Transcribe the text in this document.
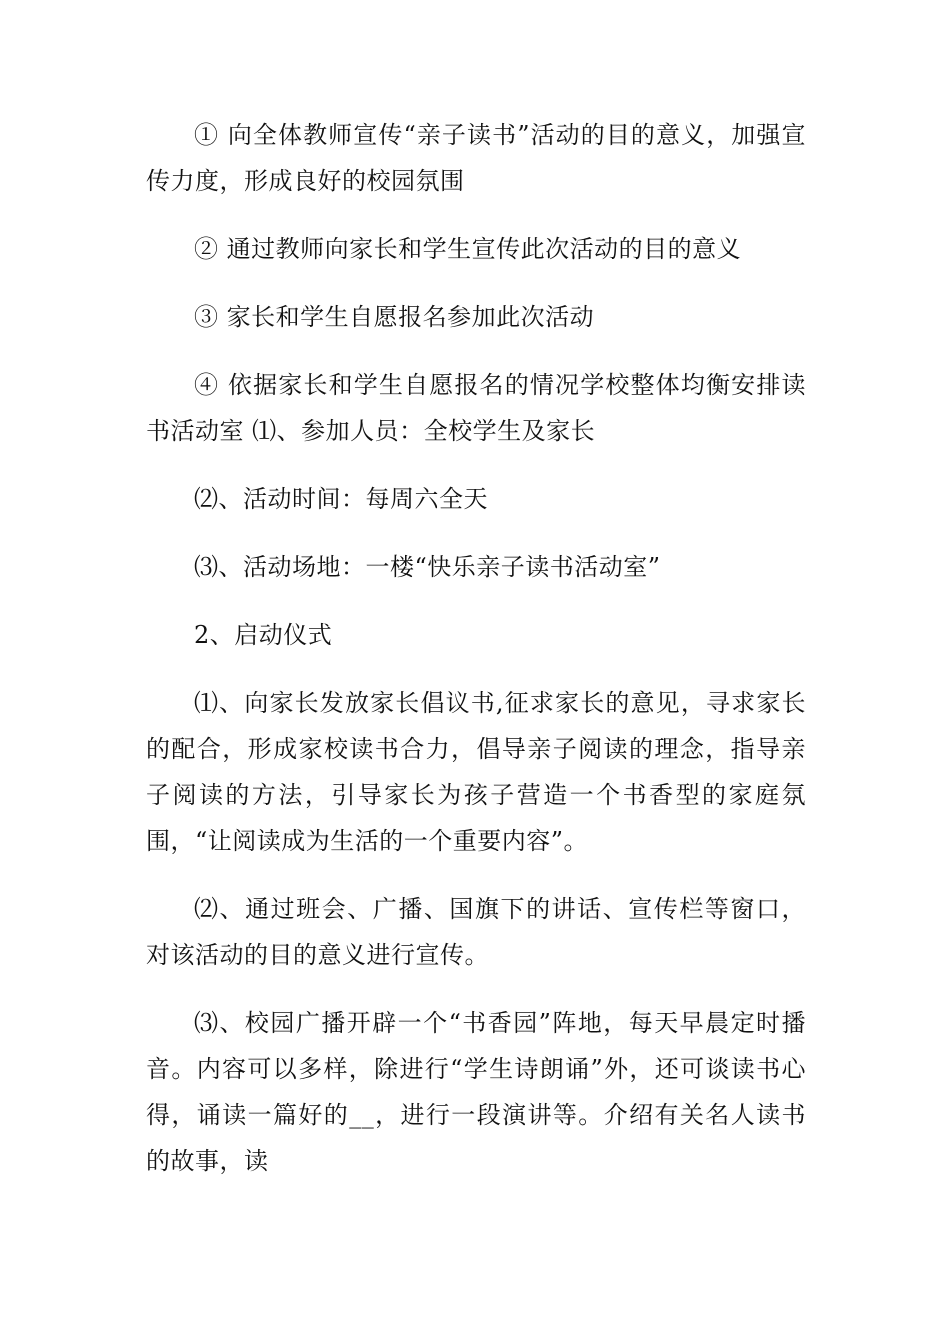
① 向全体教师宣传“亲子读书”活动的目的意义，加强宣传力度，形成良好的校园氛围

② 通过教师向家长和学生宣传此次活动的目的意义

③ 家长和学生自愿报名参加此次活动

④ 依据家长和学生自愿报名的情况学校整体均衡安排读书活动室 ⑴、参加人员：全校学生及家长

⑵、活动时间：每周六全天

⑶、活动场地：一楼“快乐亲子读书活动室”

2、启动仪式

⑴、向家长发放家长倡议书,征求家长的意见，寻求家长的配合，形成家校读书合力，倡导亲子阅读的理念，指导亲子阅读的方法，引导家长为孩子营造一个书香型的家庭氛围，“让阅读成为生活的一个重要内容”。

⑵、通过班会、广播、国旗下的讲话、宣传栏等窗口，对该活动的目的意义进行宣传。

⑶、校园广播开辟一个“书香园”阵地，每天早晨定时播音。内容可以多样，除进行“学生诗朗诵”外，还可谈读书心得，诵读一篇好的__，进行一段演讲等。介绍有关名人读书的故事，读
